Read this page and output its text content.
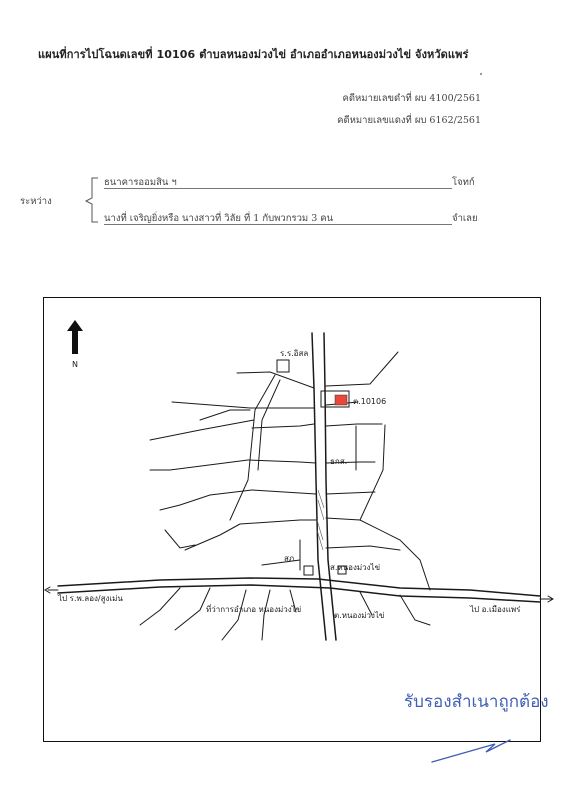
แผนที่การไปโฉนดเลขที่ 10106 ตำบลหนองม่วงไข่ อำเภออำเภอหนองม่วงไข่ จังหวัดแพร่
คดีหมายเลขดำที่ ผบ 4100/2561
คดีหมายเลขแดงที่ ผบ 6162/2561
ระหว่าง
ธนาคารออมสิน ฯ	โจทก์
นางที่ เจริญยิ่งหรือ นางสาวที่ วิลัย ที่ 1 กับพวกรวม 3 คน	จำเลย
ร.ร.อิสล
ต.10106
ธกส.
สภ.
ส.หนองม่วงไข่
ที่ว่าการอำเภอ หนองม่วงไข่
ต.หนองม่วงไข่
ไป ร.พ.ลอง/สูงเม่น
ไป อ.เมืองแพร่
N
รับรองสำเนาถูกต้อง
